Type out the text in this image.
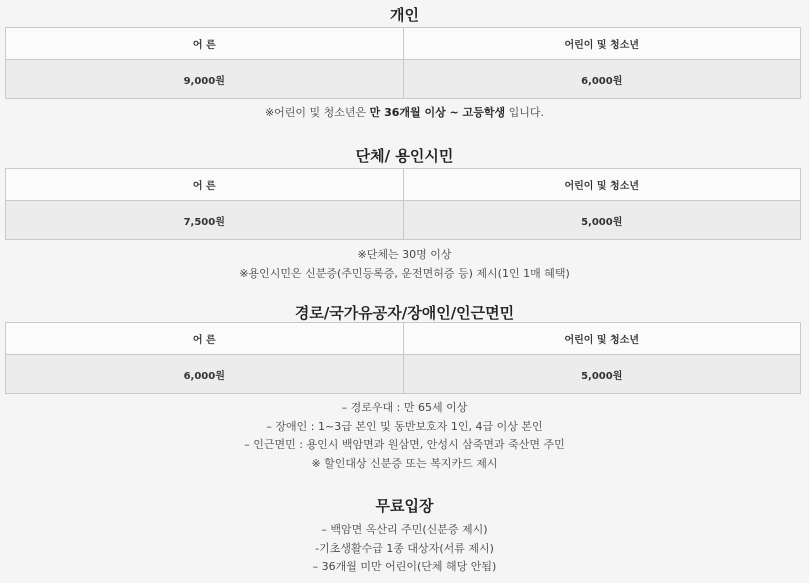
개인
어 른	어린이 및 청소년
9,000원	6,000원
※어린이 및 청소년은 만 36개월 이상 ~ 고등학생 입니다.
단체/ 용인시민
어 른	어린이 및 청소년
7,500원	5,000원
※단체는 30명 이상
※용인시민은 신분증(주민등록증, 운전면허증 등) 제시(1인 1매 혜택)
경로/국가유공자/장애인/인근면민
어 른	어린이 및 청소년
6,000원	5,000원
– 경로우대 : 만 65세 이상
– 장애인 : 1~3급 본인 및 동반보호자 1인, 4급 이상 본인
– 인근면민 : 용인시 백암면과 원삼면, 안성시 삼죽면과 죽산면 주민
※ 할인대상 신분증 또는 복지카드 제시
무료입장
– 백암면 옥산리 주민(신분증 제시)
-기초생활수급 1종 대상자(서류 제시)
– 36개월 미만 어린이(단체 해당 안됨)
